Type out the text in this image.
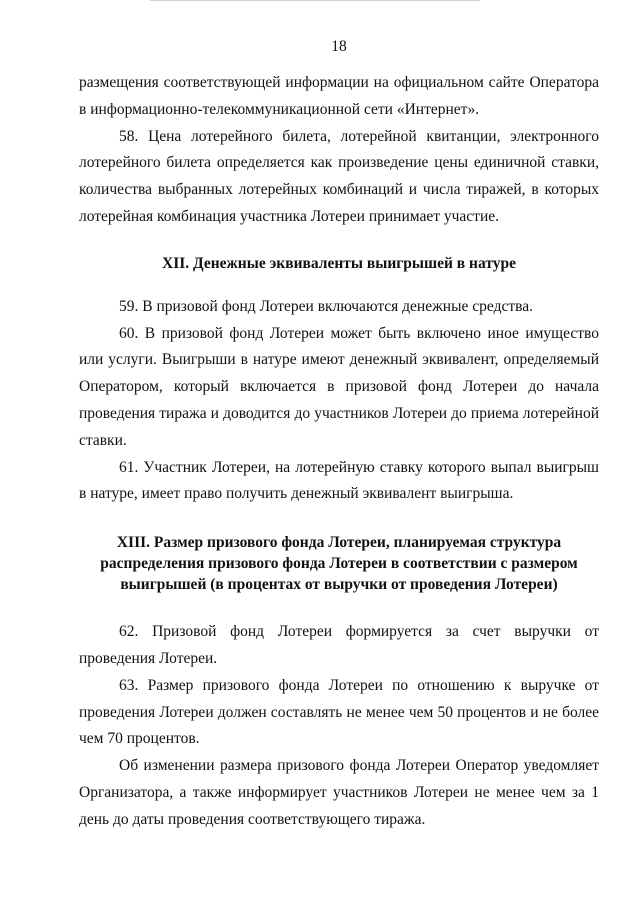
18

размещения соответствующей информации на официальном сайте Оператора в информационно-телекоммуникационной сети «Интернет».

58. Цена лотерейного билета, лотерейной квитанции, электронного лотерейного билета определяется как произведение цены единичной ставки, количества выбранных лотерейных комбинаций и числа тиражей, в которых лотерейная комбинация участника Лотереи принимает участие.

XII. Денежные эквиваленты выигрышей в натуре

59. В призовой фонд Лотереи включаются денежные средства.

60. В призовой фонд Лотереи может быть включено иное имущество или услуги. Выигрыши в натуре имеют денежный эквивалент, определяемый Оператором, который включается в призовой фонд Лотереи до начала проведения тиража и доводится до участников Лотереи до приема лотерейной ставки.

61. Участник Лотереи, на лотерейную ставку которого выпал выигрыш в натуре, имеет право получить денежный эквивалент выигрыша.

XIII. Размер призового фонда Лотереи, планируемая структура

распределения призового фонда Лотереи в соответствии с размером

выигрышей (в процентах от выручки от проведения Лотереи)

62. Призовой фонд Лотереи формируется за счет выручки от проведения Лотереи.

63. Размер призового фонда Лотереи по отношению к выручке от проведения Лотереи должен составлять не менее чем 50 процентов и не более чем 70 процентов.

Об изменении размера призового фонда Лотереи Оператор уведомляет Организатора, а также информирует участников Лотереи не менее чем за 1 день до даты проведения соответствующего тиража.
